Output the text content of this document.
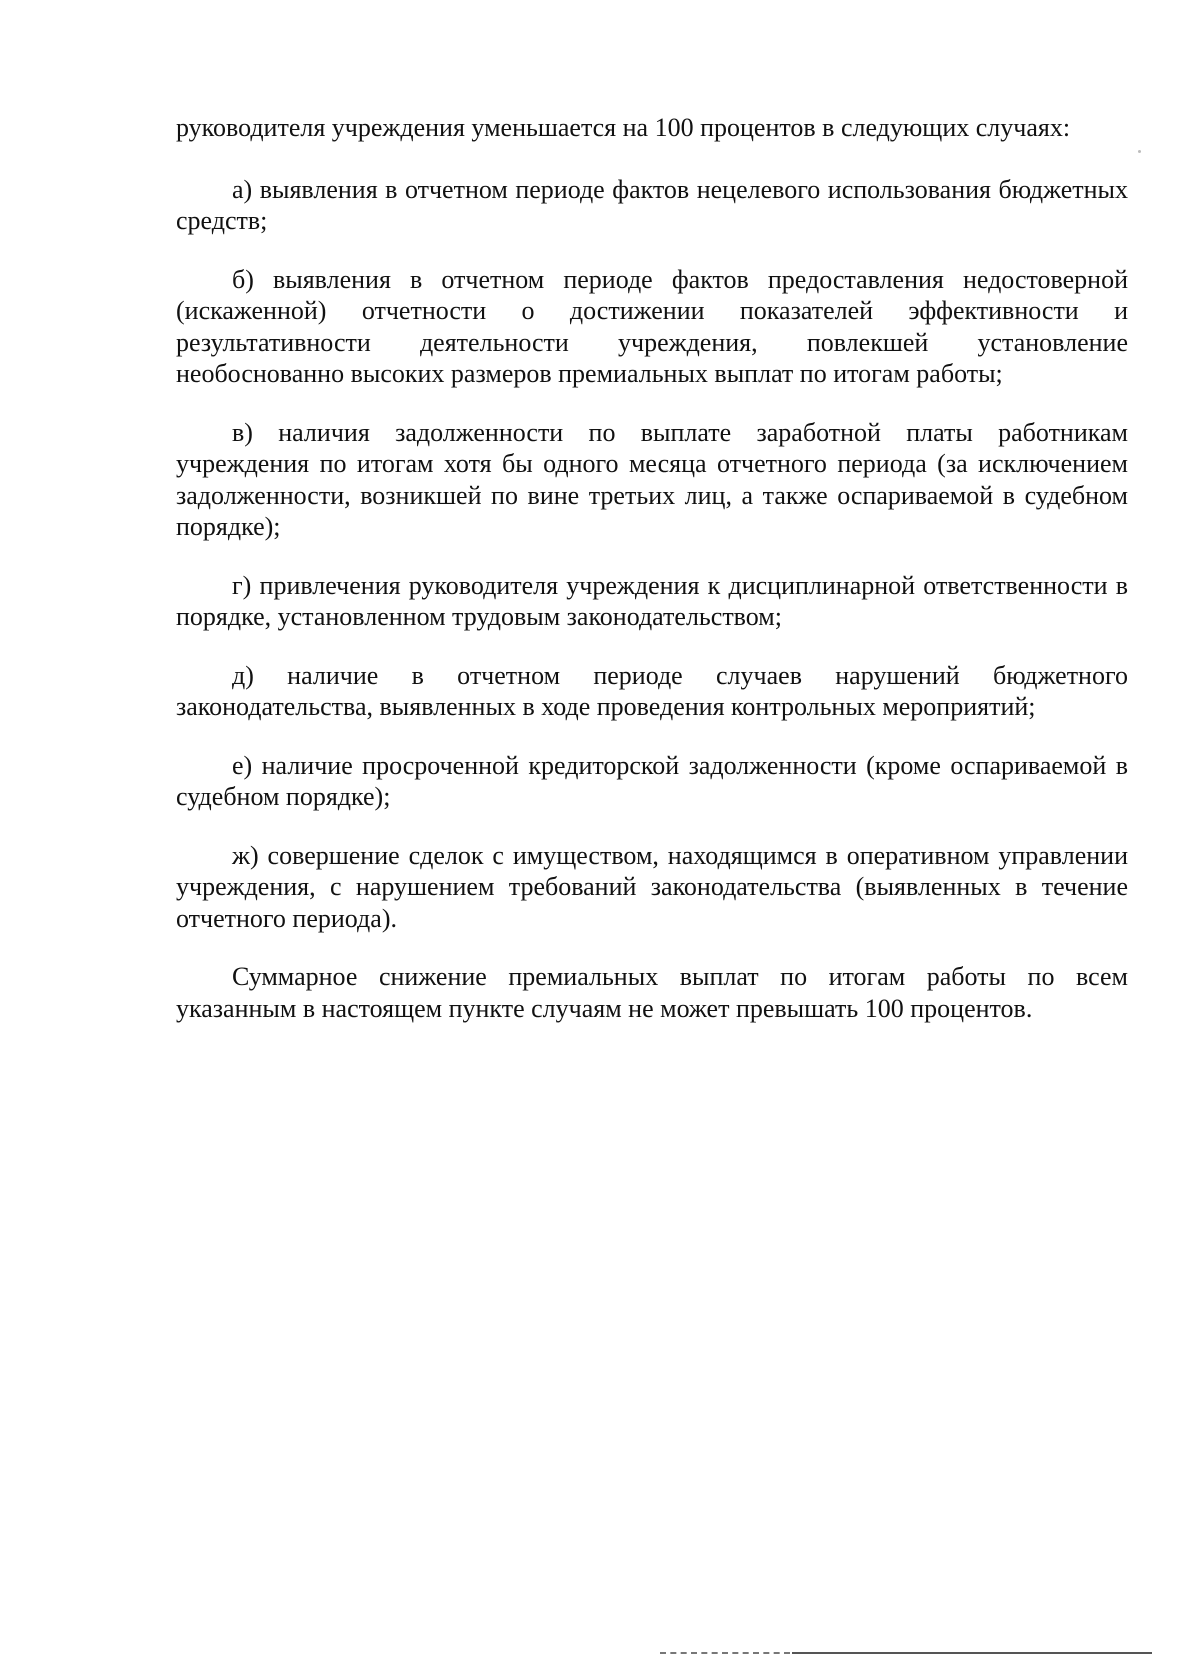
руководителя учреждения уменьшается на 100 процентов в следующих случаях:

а) выявления в отчетном периоде фактов нецелевого использования бюджетных средств;

б) выявления в отчетном периоде фактов предоставления недостоверной (искаженной) отчетности о достижении показателей эффективности и результативности деятельности учреждения, повлекшей установление необоснованно высоких размеров премиальных выплат по итогам работы;

в) наличия задолженности по выплате заработной платы работникам учреждения по итогам хотя бы одного месяца отчетного периода (за исключением задолженности, возникшей по вине третьих лиц, а также оспариваемой в судебном порядке);

г) привлечения руководителя учреждения к дисциплинарной ответственности в порядке, установленном трудовым законодательством;

д) наличие в отчетном периоде случаев нарушений бюджетного законодательства, выявленных в ходе проведения контрольных мероприятий;

е) наличие просроченной кредиторской задолженности (кроме оспариваемой в судебном порядке);

ж) совершение сделок с имуществом, находящимся в оперативном управлении учреждения, с нарушением требований законодательства (выявленных в течение отчетного периода).

Суммарное снижение премиальных выплат по итогам работы по всем указанным в настоящем пункте случаям не может превышать 100 процентов.
